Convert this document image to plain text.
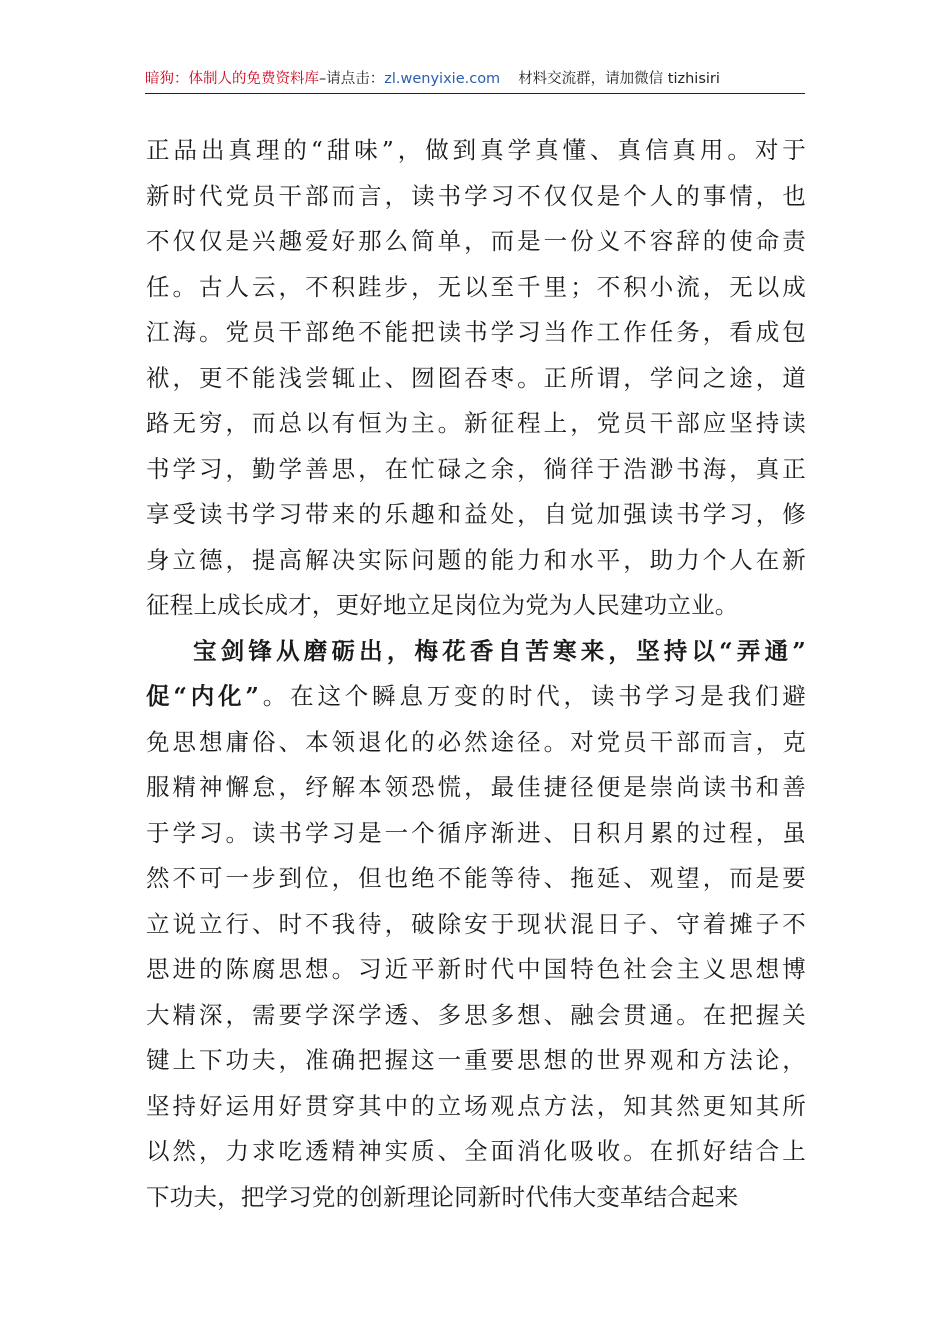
暗狗：体制人的免费资料库–请点击：zl.wenyixie.com 材料交流群，请加微信 tizhisiri
正品出真理的“甜味”，做到真学真懂、真信真用。对于
新时代党员干部而言，读书学习不仅仅是个人的事情，也
不仅仅是兴趣爱好那么简单，而是一份义不容辞的使命责
任。古人云，不积跬步，无以至千里；不积小流，无以成
江海。党员干部绝不能把读书学习当作工作任务，看成包
袱，更不能浅尝辄止、囫囵吞枣。正所谓，学问之途，道
路无穷，而总以有恒为主。新征程上，党员干部应坚持读
书学习，勤学善思，在忙碌之余，徜徉于浩渺书海，真正
享受读书学习带来的乐趣和益处，自觉加强读书学习，修
身立德，提高解决实际问题的能力和水平，助力个人在新
征程上成长成才，更好地立足岗位为党为人民建功立业。
宝剑锋从磨砺出，梅花香自苦寒来，坚持以“弄通”
促“内化”。在这个瞬息万变的时代，读书学习是我们避
免思想庸俗、本领退化的必然途径。对党员干部而言，克
服精神懈怠，纾解本领恐慌，最佳捷径便是崇尚读书和善
于学习。读书学习是一个循序渐进、日积月累的过程，虽
然不可一步到位，但也绝不能等待、拖延、观望，而是要
立说立行、时不我待，破除安于现状混日子、守着摊子不
思进的陈腐思想。习近平新时代中国特色社会主义思想博
大精深，需要学深学透、多思多想、融会贯通。在把握关
键上下功夫，准确把握这一重要思想的世界观和方法论，
坚持好运用好贯穿其中的立场观点方法，知其然更知其所
以然，力求吃透精神实质、全面消化吸收。在抓好结合上
下功夫，把学习党的创新理论同新时代伟大变革结合起来
